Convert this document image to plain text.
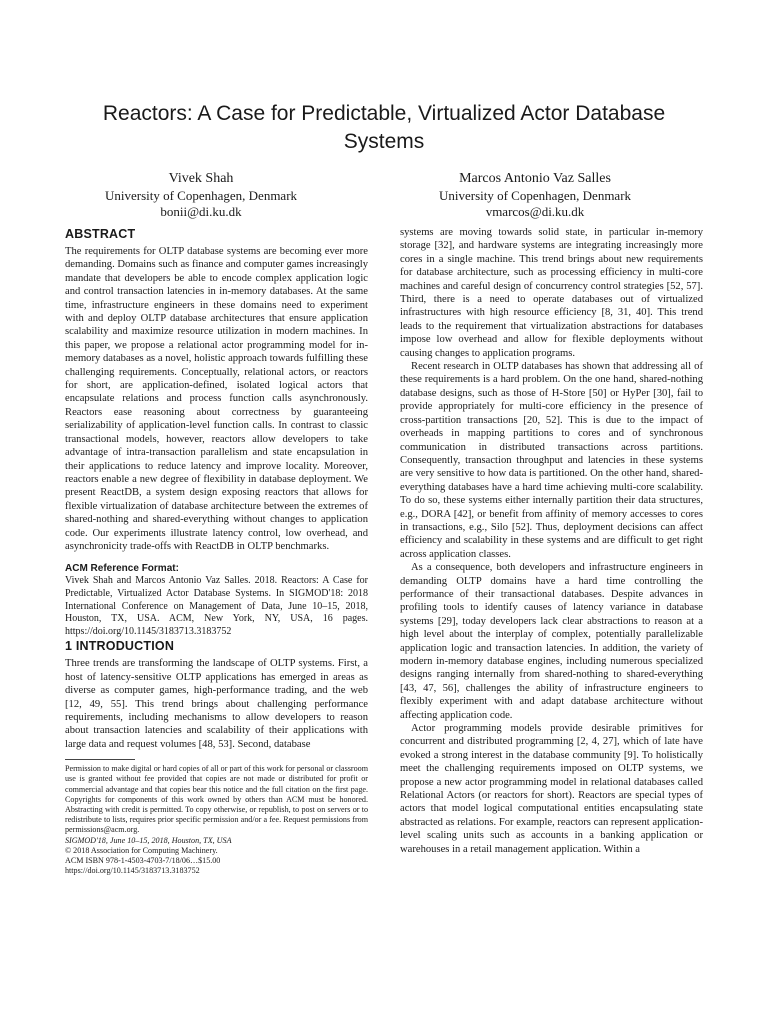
Reactors: A Case for Predictable, Virtualized Actor Database Systems
Vivek Shah
University of Copenhagen, Denmark
bonii@di.ku.dk
Marcos Antonio Vaz Salles
University of Copenhagen, Denmark
vmarcos@di.ku.dk
ABSTRACT

The requirements for OLTP database systems are becoming ever more demanding. Domains such as finance and computer games increasingly mandate that developers be able to encode complex application logic and control transaction latencies in in-memory databases. At the same time, infrastructure engineers in these domains need to experiment with and deploy OLTP database architectures that ensure application scalability and maximize resource utilization in modern machines. In this paper, we propose a relational actor programming model for in-memory databases as a novel, holistic approach towards fulfilling these challenging requirements. Conceptually, relational actors, or reactors for short, are application-defined, isolated logical actors that encapsulate relations and process function calls asynchronously. Reactors ease reasoning about correctness by guaranteeing serializability of application-level function calls. In contrast to classic transactional models, however, reactors allow developers to take advantage of intra-transaction parallelism and state encapsulation in their applications to reduce latency and improve locality. Moreover, reactors enable a new degree of flexibility in database deployment. We present ReactDB, a system design exposing reactors that allows for flexible virtualization of database architecture between the extremes of shared-nothing and shared-everything without changes to application code. Our experiments illustrate latency control, low overhead, and asynchronicity trade-offs with ReactDB in OLTP benchmarks.

ACM Reference Format:

Vivek Shah and Marcos Antonio Vaz Salles. 2018. Reactors: A Case for Predictable, Virtualized Actor Database Systems. In SIGMOD'18: 2018 International Conference on Management of Data, June 10–15, 2018, Houston, TX, USA. ACM, New York, NY, USA, 16 pages. https://doi.org/10.1145/3183713.3183752

1 INTRODUCTION

Three trends are transforming the landscape of OLTP systems. First, a host of latency-sensitive OLTP applications has emerged in areas as diverse as computer games, high-performance trading, and the web [12, 49, 55]. This trend brings about challenging performance requirements, including mechanisms to allow developers to reason about transaction latencies and scalability of their applications with large data and request volumes [48, 53]. Second, database

Permission to make digital or hard copies of all or part of this work for personal or classroom use is granted without fee provided that copies are not made or distributed for profit or commercial advantage and that copies bear this notice and the full citation on the first page. Copyrights for components of this work owned by others than ACM must be honored. Abstracting with credit is permitted. To copy otherwise, or republish, to post on servers or to redistribute to lists, requires prior specific permission and/or a fee. Request permissions from permissions@acm.org.

SIGMOD'18, June 10–15, 2018, Houston, TX, USA

© 2018 Association for Computing Machinery.

ACM ISBN 978-1-4503-4703-7/18/06…$15.00

https://doi.org/10.1145/3183713.3183752

systems are moving towards solid state, in particular in-memory storage [32], and hardware systems are integrating increasingly more cores in a single machine. This trend brings about new requirements for database architecture, such as processing efficiency in multi-core machines and careful design of concurrency control strategies [52, 57]. Third, there is a need to operate databases out of virtualized infrastructures with high resource efficiency [8, 31, 40]. This trend leads to the requirement that virtualization abstractions for databases impose low overhead and allow for flexible deployments without causing changes to application programs.

Recent research in OLTP databases has shown that addressing all of these requirements is a hard problem. On the one hand, shared-nothing database designs, such as those of H-Store [50] or HyPer [30], fail to provide appropriately for multi-core efficiency in the presence of cross-partition transactions [20, 52]. This is due to the impact of overheads in mapping partitions to cores and of synchronous communication in distributed transactions across partitions. Consequently, transaction throughput and latencies in these systems are very sensitive to how data is partitioned. On the other hand, shared-everything databases have a hard time achieving multi-core scalability. To do so, these systems either internally partition their data structures, e.g., DORA [42], or benefit from affinity of memory accesses to cores in transactions, e.g., Silo [52]. Thus, deployment decisions can affect efficiency and scalability in these systems and are difficult to get right across application classes.

As a consequence, both developers and infrastructure engineers in demanding OLTP domains have a hard time controlling the performance of their transactional databases. Despite advances in profiling tools to identify causes of latency variance in database systems [29], today developers lack clear abstractions to reason at a high level about the interplay of complex, potentially parallelizable application logic and transaction latencies. In addition, the variety of modern in-memory database engines, including numerous specialized designs ranging internally from shared-nothing to shared-everything [43, 47, 56], challenges the ability of infrastructure engineers to flexibly experiment with and adapt database architecture without affecting application code.

Actor programming models provide desirable primitives for concurrent and distributed programming [2, 4, 27], which of late have evoked a strong interest in the database community [9]. To holistically meet the challenging requirements imposed on OLTP systems, we propose a new actor programming model in relational databases called Relational Actors (or reactors for short). Reactors are special types of actors that model logical computational entities encapsulating state abstracted as relations. For example, reactors can represent application-level scaling units such as accounts in a banking application or warehouses in a retail management application. Within a
